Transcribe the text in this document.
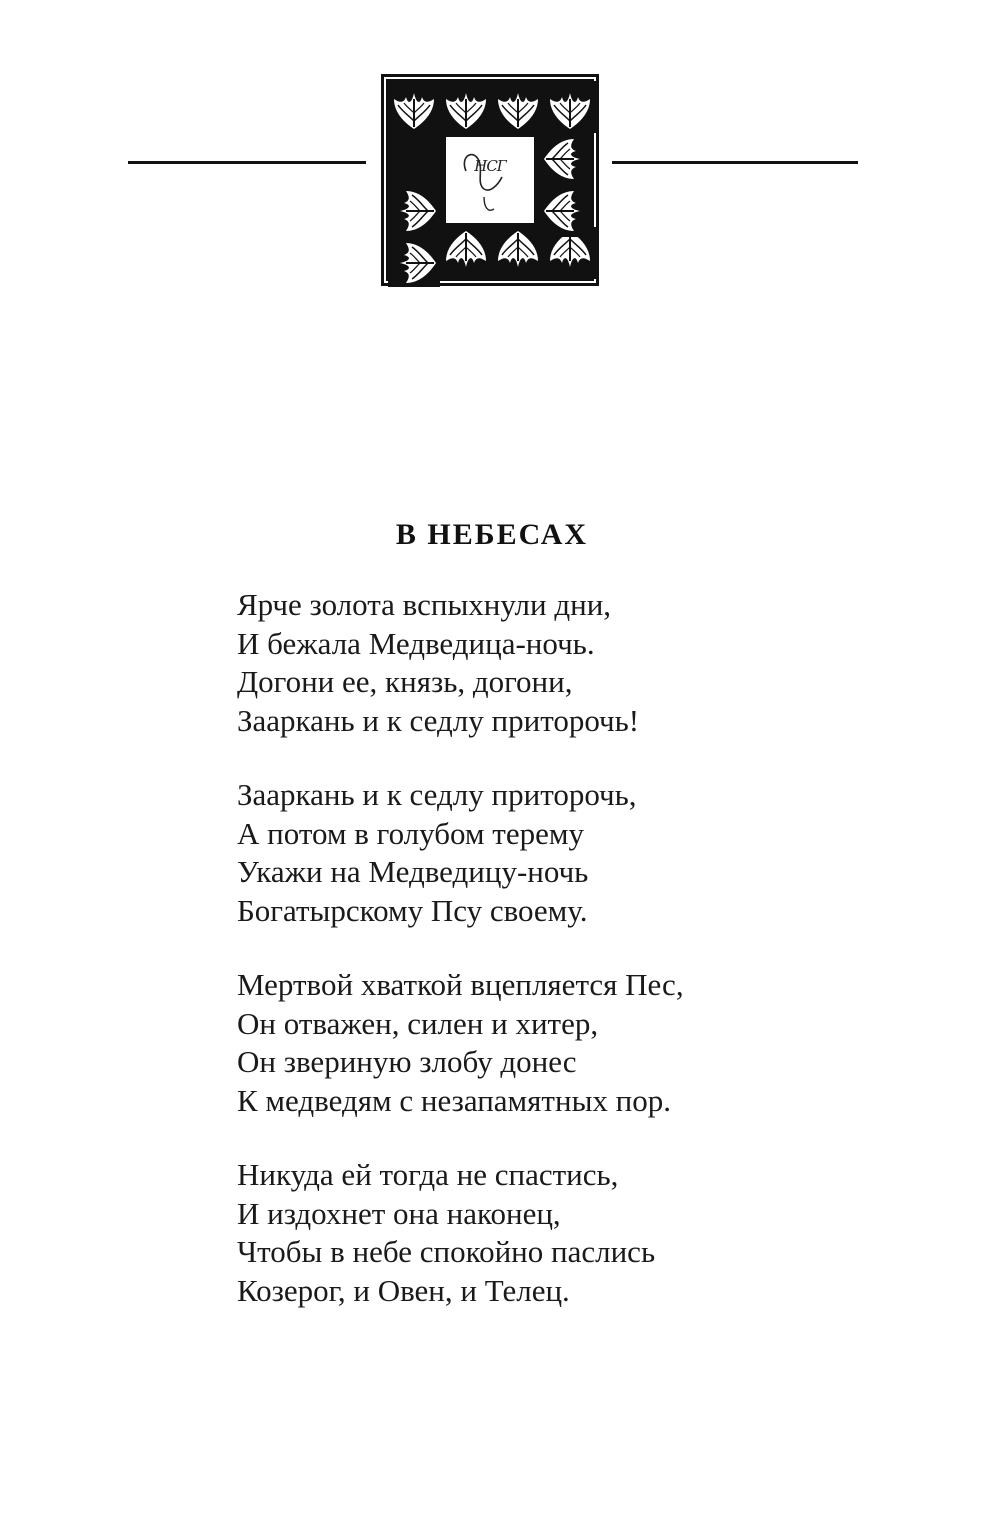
НСГ
В НЕБЕСАХ
Ярче золота вспыхнули дни,
И бежала Медведица-ночь.
Догони ее, князь, догони,
Зааркань и к седлу приторочь!
Зааркань и к седлу приторочь,
А потом в голубом терему
Укажи на Медведицу-ночь
Богатырскому Псу своему.
Мертвой хваткой вцепляется Пес,
Он отважен, силен и хитер,
Он звериную злобу донес
К медведям с незапамятных пор.
Никуда ей тогда не спастись,
И издохнет она наконец,
Чтобы в небе спокойно паслись
Козерог, и Овен, и Телец.
